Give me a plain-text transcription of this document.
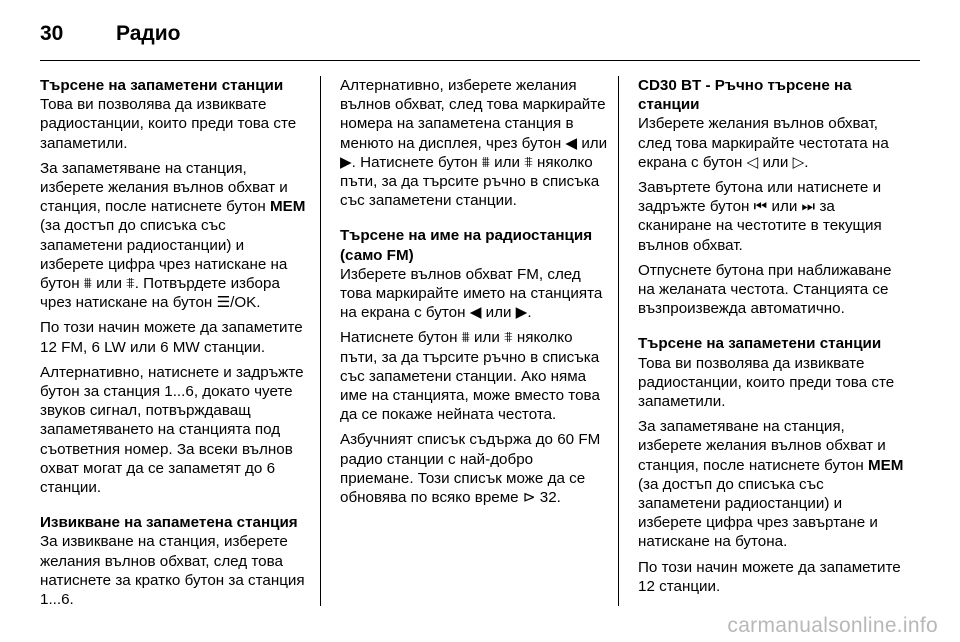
30	Радио
Търсене на запаметени станции
Това ви позволява да извиквате радиостанции, които преди това сте запаметили.
За запаметяване на станция, изберете желания вълнов обхват и станция, после натиснете бутон MEM (за достъп до списъка със запаметени радиостанции) и изберете цифра чрез натискане на бутон ⩩ или ⩨. Потвърдете избора чрез натискане на бутон ☰/OK.
По този начин можете да запаметите 12 FM, 6 LW или 6 MW станции.
Алтернативно, натиснете и задръжте бутон за станция 1...6, докато чуете звуков сигнал, потвърждаващ запаметяването на станцията под съответния номер. За всеки вълнов охват могат да се запаметят до 6 станции.
Извикване на запаметена станция
За извикване на станция, изберете желания вълнов обхват, след това натиснете за кратко бутон за станция 1...6.
Алтернативно, изберете желания вълнов обхват, след това маркирайте номера на запаметена станция в менюто на дисплея, чрез бутон ◀ или ▶. Натиснете бутон ⩩ или ⩨ няколко пъти, за да търсите ръчно в списъка със запаметени станции.
Търсене на име на радиостанция (само FM)
Изберете вълнов обхват FM, след това маркирайте името на станцията на екрана с бутон ◀ или ▶.
Натиснете бутон ⩩ или ⩨ няколко пъти, за да търсите ръчно в списъка със запаметени станции. Ако няма име на станцията, може вместо това да се покаже нейната честота.
Азбучният списък съдържа до 60 FM радио станции с най-добро приемане. Този списък може да се обновява по всяко време ⊳ 32.
CD30 BT - Ръчно търсене на станции
Изберете желания вълнов обхват, след това маркирайте честотата на екрана с бутон ◁ или ▷.
Завъртете бутона или натиснете и задръжте бутон ⏮ или ⏭ за сканиране на честотите в текущия вълнов обхват.
Отпуснете бутона при наближаване на желаната честота. Станцията се възпроизвежда автоматично.
Търсене на запаметени станции
Това ви позволява да извиквате радиостанции, които преди това сте запаметили.
За запаметяване на станция, изберете желания вълнов обхват и станция, после натиснете бутон MEM (за достъп до списъка със запаметени радиостанции) и изберете цифра чрез завъртане и натискане на бутона.
По този начин можете да запаметите 12 станции.
carmanualsonline.info
